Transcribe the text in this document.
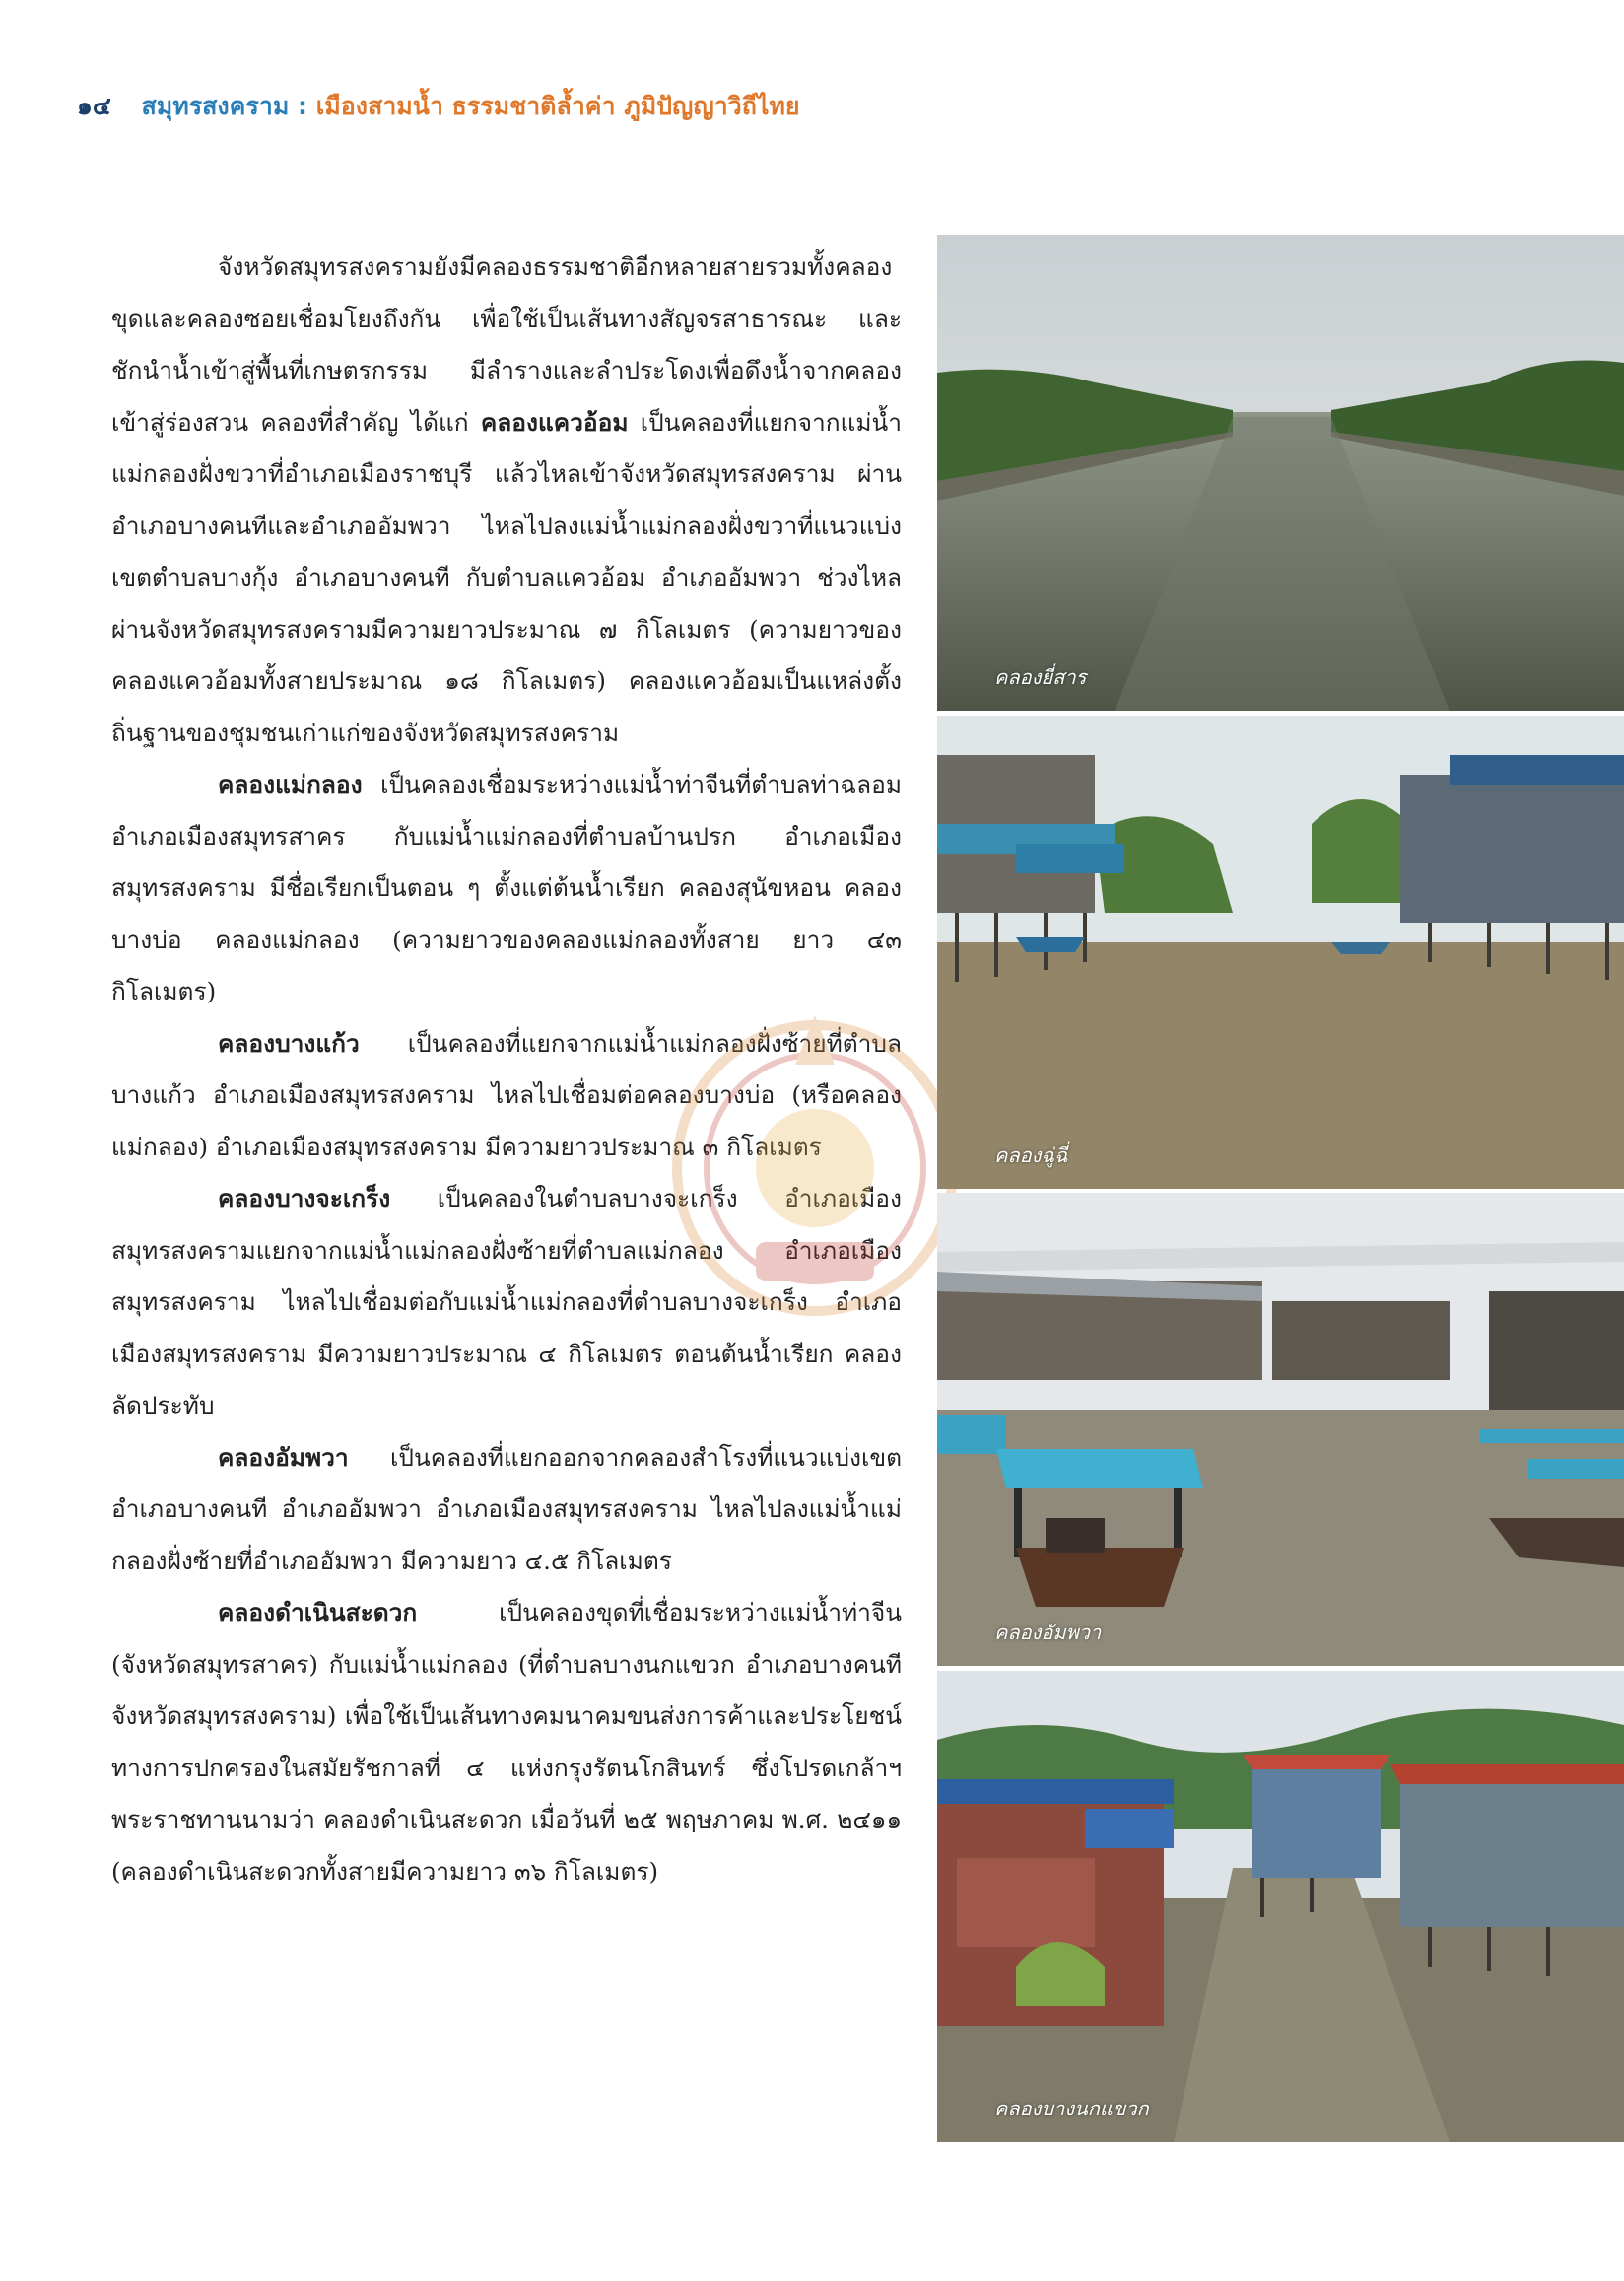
๑๔ สมุทรสงคราม : เมืองสามน้ำ ธรรมชาติล้ำค่า ภูมิปัญญาวิถีไทย

จังหวัดสมุทรสงครามยังมีคลองธรรมชาติอีกหลายสายรวมทั้งคลองขุดและคลองซอยเชื่อมโยงถึงกัน เพื่อใช้เป็นเส้นทางสัญจรสาธารณะ และชักนำน้ำเข้าสู่พื้นที่เกษตรกรรม มีลำรางและลำประโดงเพื่อดึงน้ำจากคลองเข้าสู่ร่องสวน คลองที่สำคัญ ได้แก่ คลองแควอ้อม เป็นคลองที่แยกจากแม่น้ำแม่กลองฝั่งขวาที่อำเภอเมืองราชบุรี แล้วไหลเข้าจังหวัดสมุทรสงคราม ผ่านอำเภอบางคนทีและอำเภออัมพวา ไหลไปลงแม่น้ำแม่กลองฝั่งขวาที่แนวแบ่งเขตตำบลบางกุ้ง อำเภอบางคนที กับตำบลแควอ้อม อำเภออัมพวา ช่วงไหลผ่านจังหวัดสมุทรสงครามมีความยาวประมาณ ๗ กิโลเมตร (ความยาวของคลองแควอ้อมทั้งสายประมาณ ๑๘ กิโลเมตร) คลองแควอ้อมเป็นแหล่งตั้งถิ่นฐานของชุมชนเก่าแก่ของจังหวัดสมุทรสงคราม

คลองแม่กลอง เป็นคลองเชื่อมระหว่างแม่น้ำท่าจีนที่ตำบลท่าฉลอม อำเภอเมืองสมุทรสาคร กับแม่น้ำแม่กลองที่ตำบลบ้านปรก อำเภอเมืองสมุทรสงคราม มีชื่อเรียกเป็นตอน ๆ ตั้งแต่ต้นน้ำเรียก คลองสุนัขหอน คลองบางบ่อ คลองแม่กลอง (ความยาวของคลองแม่กลองทั้งสาย ยาว ๔๓ กิโลเมตร)

คลองบางแก้ว เป็นคลองที่แยกจากแม่น้ำแม่กลองฝั่งซ้ายที่ตำบลบางแก้ว อำเภอเมืองสมุทรสงคราม ไหลไปเชื่อมต่อคลองบางบ่อ (หรือคลองแม่กลอง) อำเภอเมืองสมุทรสงคราม มีความยาวประมาณ ๓ กิโลเมตร

คลองบางจะเกร็ง เป็นคลองในตำบลบางจะเกร็ง อำเภอเมืองสมุทรสงครามแยกจากแม่น้ำแม่กลองฝั่งซ้ายที่ตำบลแม่กลอง อำเภอเมืองสมุทรสงคราม ไหลไปเชื่อมต่อกับแม่น้ำแม่กลองที่ตำบลบางจะเกร็ง อำเภอเมืองสมุทรสงคราม มีความยาวประมาณ ๔ กิโลเมตร ตอนต้นน้ำเรียก คลองลัดประทับ

คลองอัมพวา เป็นคลองที่แยกออกจากคลองสำโรงที่แนวแบ่งเขตอำเภอบางคนที อำเภออัมพวา อำเภอเมืองสมุทรสงคราม ไหลไปลงแม่น้ำแม่กลองฝั่งซ้ายที่อำเภออัมพวา มีความยาว ๔.๕ กิโลเมตร

คลองดำเนินสะดวก เป็นคลองขุดที่เชื่อมระหว่างแม่น้ำท่าจีน (จังหวัดสมุทรสาคร) กับแม่น้ำแม่กลอง (ที่ตำบลบางนกแขวก อำเภอบางคนที จังหวัดสมุทรสงคราม) เพื่อใช้เป็นเส้นทางคมนาคมขนส่งการค้าและประโยชน์ทางการปกครองในสมัยรัชกาลที่ ๔ แห่งกรุงรัตนโกสินทร์ ซึ่งโปรดเกล้าฯ พระราชทานนามว่า คลองดำเนินสะดวก เมื่อวันที่ ๒๕ พฤษภาคม พ.ศ. ๒๔๑๑ (คลองดำเนินสะดวกทั้งสายมีความยาว ๓๖ กิโลเมตร)

คลองยี่สาร
คลองฉู่ฉี่
คลองอัมพวา
คลองบางนกแขวก
